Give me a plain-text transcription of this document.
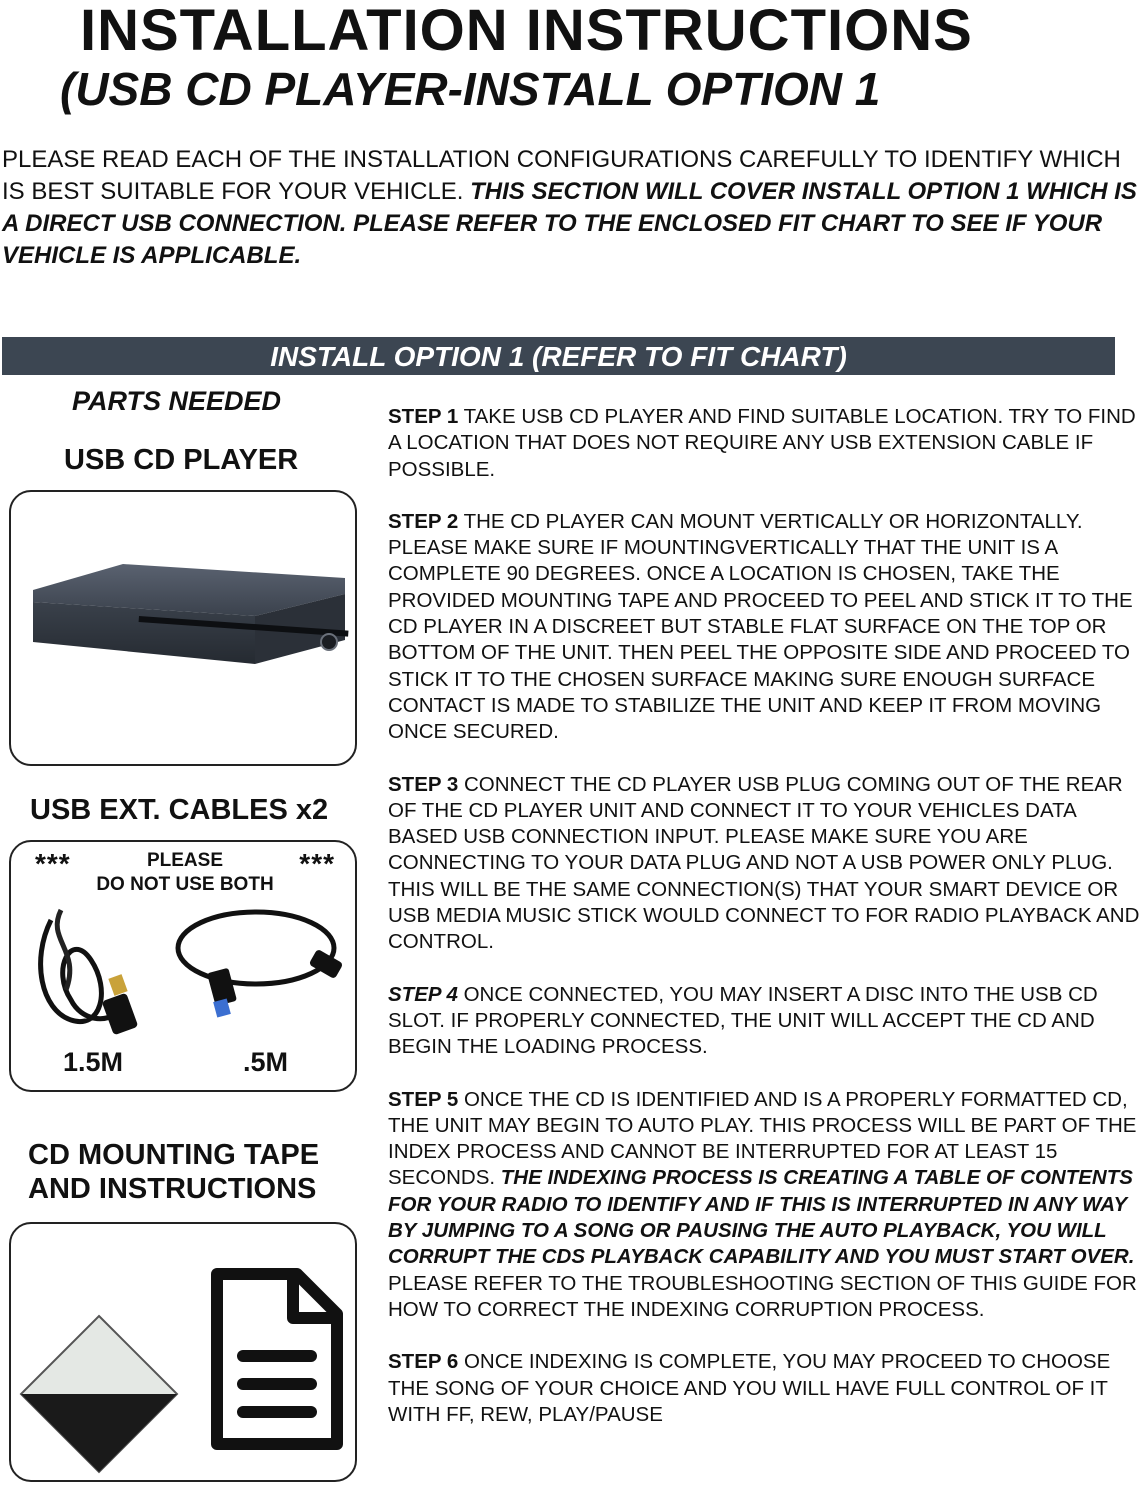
INSTALLATION INSTRUCTIONS
(USB CD PLAYER-INSTALL OPTION 1
PLEASE READ EACH OF THE INSTALLATION CONFIGURATIONS CAREFULLY TO IDENTIFY WHICH IS BEST SUITABLE FOR YOUR VEHICLE. THIS SECTION WILL COVER INSTALL OPTION 1 WHICH IS A DIRECT USB CONNECTION. PLEASE REFER TO THE ENCLOSED FIT CHART TO SEE IF YOUR VEHICLE IS APPLICABLE.
INSTALL OPTION 1 (REFER TO FIT CHART)
PARTS NEEDED
USB CD PLAYER
USB EXT. CABLES x2
***	PLEASE	***
DO NOT USE BOTH
1.5M	.5M
CD MOUNTING TAPE
AND INSTRUCTIONS
STEP 1 TAKE USB CD PLAYER AND FIND SUITABLE LOCATION. TRY TO FIND A LOCATION THAT DOES NOT REQUIRE ANY USB EXTENSION CABLE IF POSSIBLE.
STEP 2 THE CD PLAYER CAN MOUNT VERTICALLY OR HORIZONTALLY. PLEASE MAKE SURE IF MOUNTINGVERTICALLY THAT THE UNIT IS A COMPLETE 90 DEGREES. ONCE A LOCATION IS CHOSEN, TAKE THE PROVIDED MOUNTING TAPE AND PROCEED TO PEEL AND STICK IT TO THE CD PLAYER IN A DISCREET BUT STABLE FLAT SURFACE ON THE TOP OR BOTTOM OF THE UNIT. THEN PEEL THE OPPOSITE SIDE AND PROCEED TO STICK IT TO THE CHOSEN SURFACE MAKING SURE ENOUGH SURFACE CONTACT IS MADE TO STABILIZE THE UNIT AND KEEP IT FROM MOVING ONCE SECURED.
STEP 3 CONNECT THE CD PLAYER USB PLUG COMING OUT OF THE REAR OF THE CD PLAYER UNIT AND CONNECT IT TO YOUR VEHICLES DATA BASED USB CONNECTION INPUT. PLEASE MAKE SURE YOU ARE CONNECTING TO YOUR DATA PLUG AND NOT A USB POWER ONLY PLUG. THIS WILL BE THE SAME CONNECTION(S) THAT YOUR SMART DEVICE OR USB MEDIA MUSIC STICK WOULD CONNECT TO FOR RADIO PLAYBACK AND CONTROL.
STEP 4 ONCE CONNECTED, YOU MAY INSERT A DISC INTO THE USB CD SLOT. IF PROPERLY CONNECTED, THE UNIT WILL ACCEPT THE CD AND BEGIN THE LOADING PROCESS.
STEP 5 ONCE THE CD IS IDENTIFIED AND IS A PROPERLY FORMATTED CD, THE UNIT MAY BEGIN TO AUTO PLAY. THIS PROCESS WILL BE PART OF THE INDEX PROCESS AND CANNOT BE INTERRUPTED FOR AT LEAST 15 SECONDS. THE INDEXING PROCESS IS CREATING A TABLE OF CONTENTS FOR YOUR RADIO TO IDENTIFY AND IF THIS IS INTERRUPTED IN ANY WAY BY JUMPING TO A SONG OR PAUSING THE AUTO PLAYBACK, YOU WILL CORRUPT THE CDS PLAYBACK CAPABILITY AND YOU MUST START OVER. PLEASE REFER TO THE TROUBLESHOOTING SECTION OF THIS GUIDE FOR HOW TO CORRECT THE INDEXING CORRUPTION PROCESS.
STEP 6 ONCE INDEXING IS COMPLETE, YOU MAY PROCEED TO CHOOSE THE SONG OF YOUR CHOICE AND YOU WILL HAVE FULL CONTROL OF IT WITH FF, REW, PLAY/PAUSE
